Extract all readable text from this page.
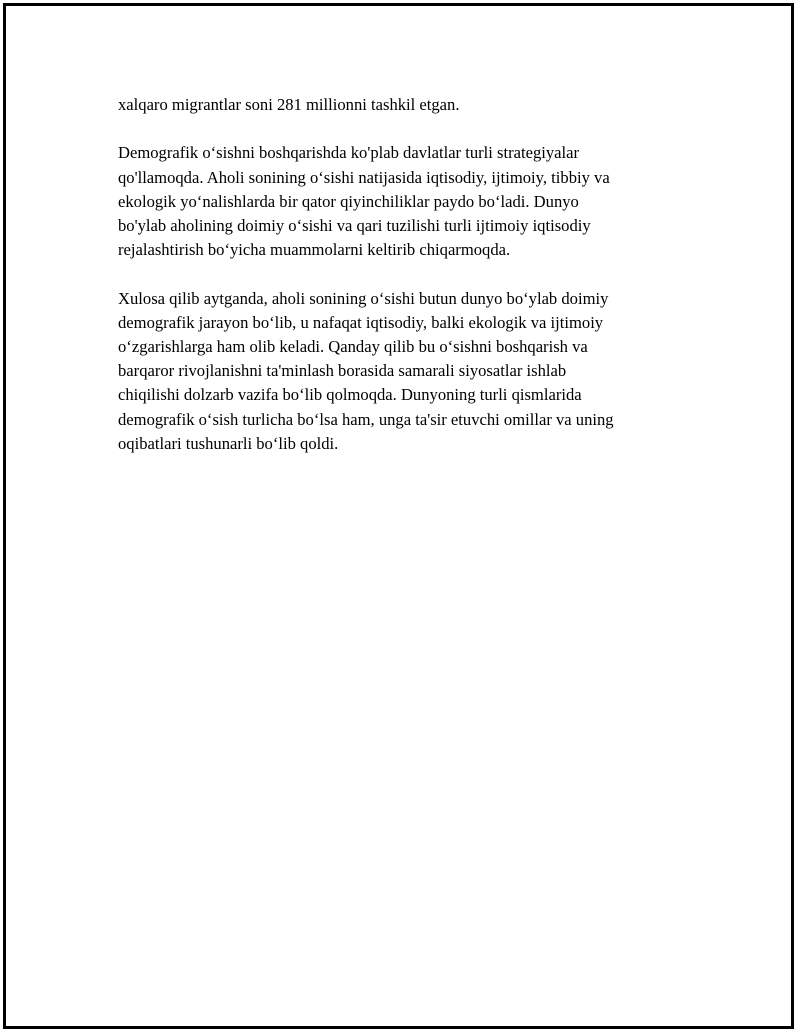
xalqaro migrantlar soni 281 millionni tashkil etgan.

Demografik o‘sishni boshqarishda ko'plab davlatlar turli strategiyalar
qo'llamoqda. Aholi sonining o‘sishi natijasida iqtisodiy, ijtimoiy, tibbiy va
ekologik yo‘nalishlarda bir qator qiyinchiliklar paydo bo‘ladi. Dunyo
bo'ylab aholining doimiy o‘sishi va qari tuzilishi turli ijtimoiy iqtisodiy
rejalashtirish bo‘yicha muammolarni keltirib chiqarmoqda.

Xulosa qilib aytganda, aholi sonining o‘sishi butun dunyo bo‘ylab doimiy
demografik jarayon bo‘lib, u nafaqat iqtisodiy, balki ekologik va ijtimoiy
o‘zgarishlarga ham olib keladi. Qanday qilib bu o‘sishni boshqarish va
barqaror rivojlanishni ta'minlash borasida samarali siyosatlar ishlab
chiqilishi dolzarb vazifa bo‘lib qolmoqda. Dunyoning turli qismlarida
demografik o‘sish turlicha bo‘lsa ham, unga ta'sir etuvchi omillar va uning
oqibatlari tushunarli bo‘lib qoldi.
